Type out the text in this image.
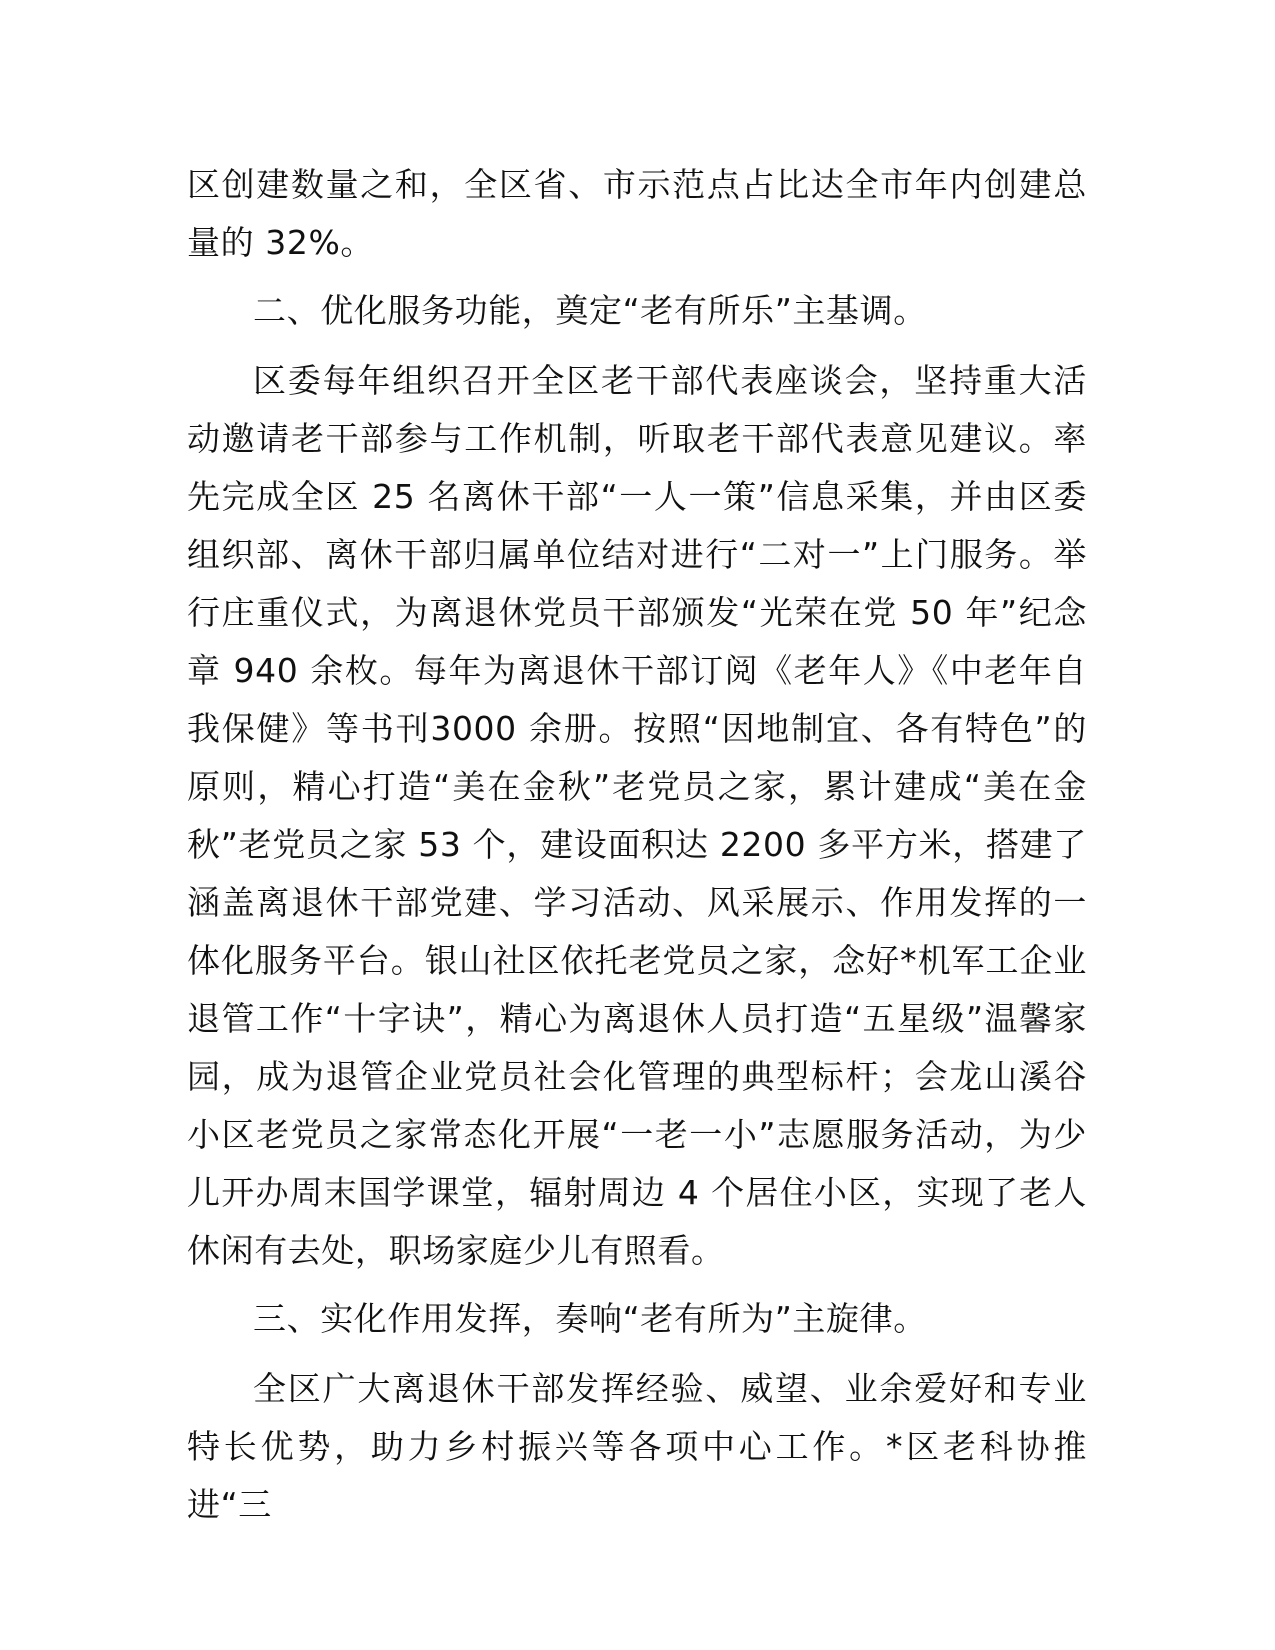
区创建数量之和，全区省、市示范点占比达全市年内创建总量的 32%。

二、优化服务功能，奠定“老有所乐”主基调。

区委每年组织召开全区老干部代表座谈会，坚持重大活动邀请老干部参与工作机制，听取老干部代表意见建议。率先完成全区 25 名离休干部“一人一策”信息采集，并由区委组织部、离休干部归属单位结对进行“二对一”上门服务。举行庄重仪式，为离退休党员干部颁发“光荣在党 50 年”纪念章 940 余枚。每年为离退休干部订阅《老年人》《中老年自我保健》等书刊3000 余册。按照“因地制宜、各有特色”的原则，精心打造“美在金秋”老党员之家，累计建成“美在金秋”老党员之家 53 个，建设面积达 2200 多平方米，搭建了涵盖离退休干部党建、学习活动、风采展示、作用发挥的一体化服务平台。银山社区依托老党员之家，念好*机军工企业退管工作“十字诀”，精心为离退休人员打造“五星级”温馨家园，成为退管企业党员社会化管理的典型标杆；会龙山溪谷小区老党员之家常态化开展“一老一小”志愿服务活动，为少儿开办周末国学课堂，辐射周边 4 个居住小区，实现了老人休闲有去处，职场家庭少儿有照看。

三、实化作用发挥，奏响“老有所为”主旋律。

全区广大离退休干部发挥经验、威望、业余爱好和专业特长优势，助力乡村振兴等各项中心工作。*区老科协推进“三
